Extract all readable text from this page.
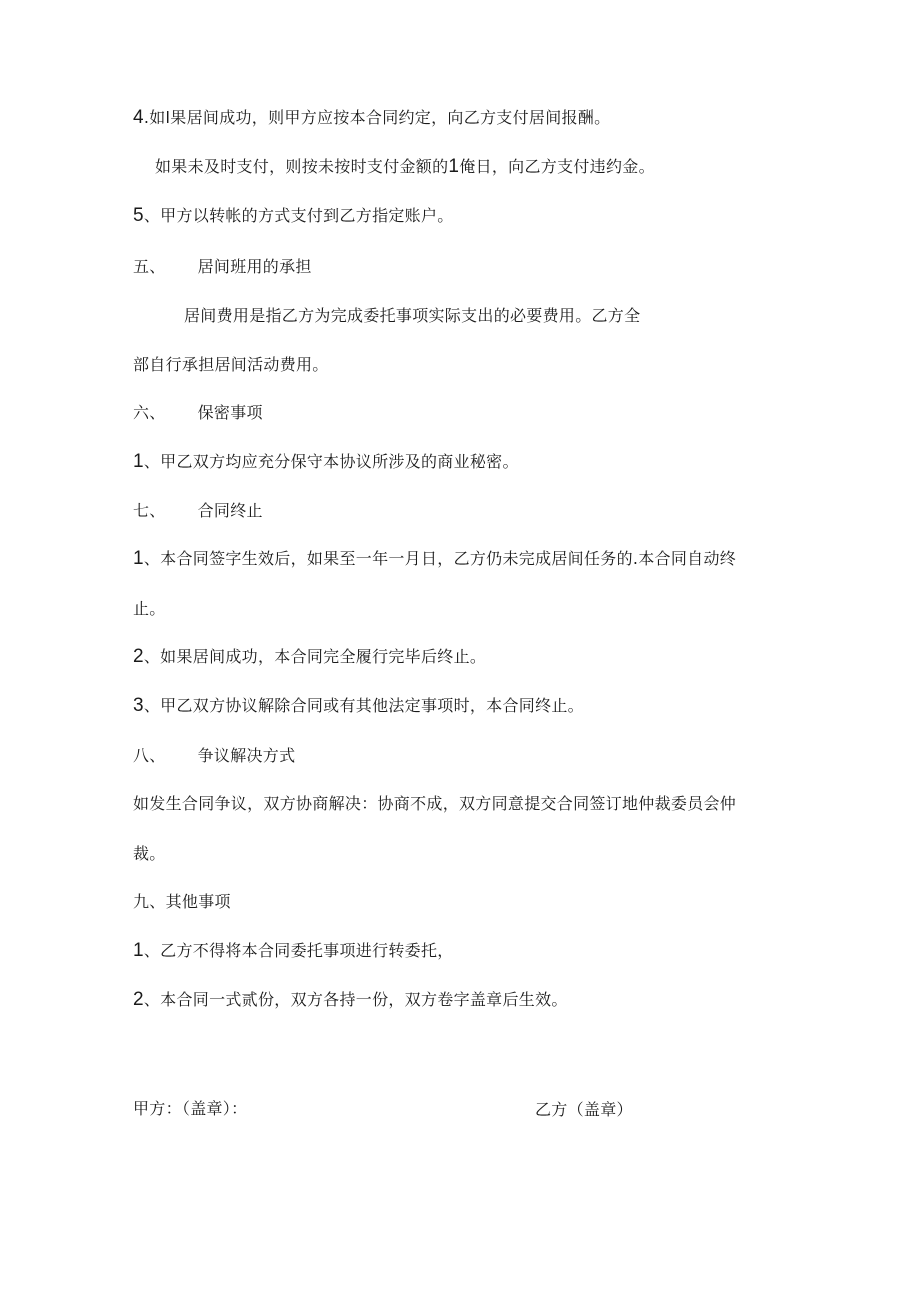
4.如l果居间成功，则甲方应按本合同约定，向乙方支付居间报酬。
如果未及时支付，则按未按时支付金额的1俺日，向乙方支付违约金。
5、甲方以转帐的方式支付到乙方指定账户。
五、 居间班用的承担
居间费用是指乙方为完成委托事项实际支出的必要费用。乙方全
部自行承担居间活动费用。
六、 保密事项
1、甲乙双方均应充分保守本协议所涉及的商业秘密。
七、 合同终止
1、本合同签字生效后，如果至一年一月日，乙方仍未完成居间任务的.本合同自动终
止。
2、如果居间成功，本合同完全履行完毕后终止。
3、甲乙双方协议解除合同或有其他法定事项时，本合同终止。
八、 争议解决方式
如发生合同争议，双方协商解决：协商不成，双方同意提交合同签订地仲裁委员会仲
裁。
九、其他事项
1、乙方不得将本合同委托事项进行转委托，
2、本合同一式贰份，双方各持一份，双方卷字盖章后生效。
甲方：（盖章）：	乙方（盖章）
